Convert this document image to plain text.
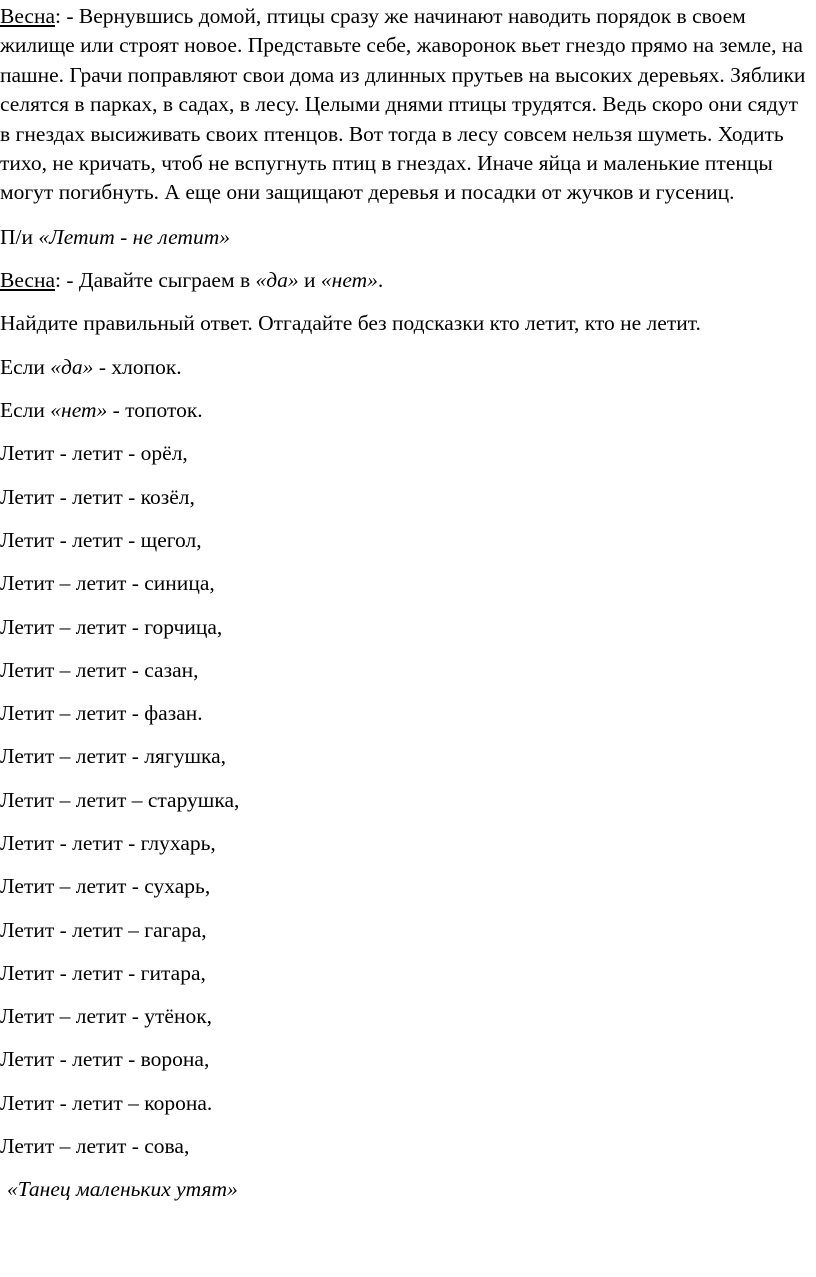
Весна: - Вернувшись домой, птицы сразу же начинают наводить порядок в своем жилище или строят новое. Представьте себе, жаворонок вьет гнездо прямо на земле, на пашне. Грачи поправляют свои дома из длинных прутьев на высоких деревьях. Зяблики селятся в парках, в садах, в лесу. Целыми днями птицы трудятся. Ведь скоро они сядут в гнездах высиживать своих птенцов. Вот тогда в лесу совсем нельзя шуметь. Ходить тихо, не кричать, чтоб не вспугнуть птиц в гнездах. Иначе яйца и маленькие птенцы могут погибнуть. А еще они защищают деревья и посадки от жучков и гусениц.

П/и «Летит - не летит»
Весна: - Давайте сыграем в «да» и «нет».
Найдите правильный ответ. Отгадайте без подсказки кто летит, кто не летит.
Если «да» - хлопок.
Если «нет» - топоток.
Летит - летит - орёл,
Летит - летит - козёл,
Летит - летит - щегол,
Летит – летит - синица,
Летит – летит - горчица,
Летит – летит - сазан,
Летит – летит - фазан.
Летит – летит - лягушка,
Летит – летит – старушка,
Летит - летит - глухарь,
Летит – летит - сухарь,
Летит - летит – гагара,
Летит - летит - гитара,
Летит – летит - утёнок,
Летит - летит - ворона,
Летит - летит – корона.
Летит – летит - сова,
«Танец маленьких утят»
